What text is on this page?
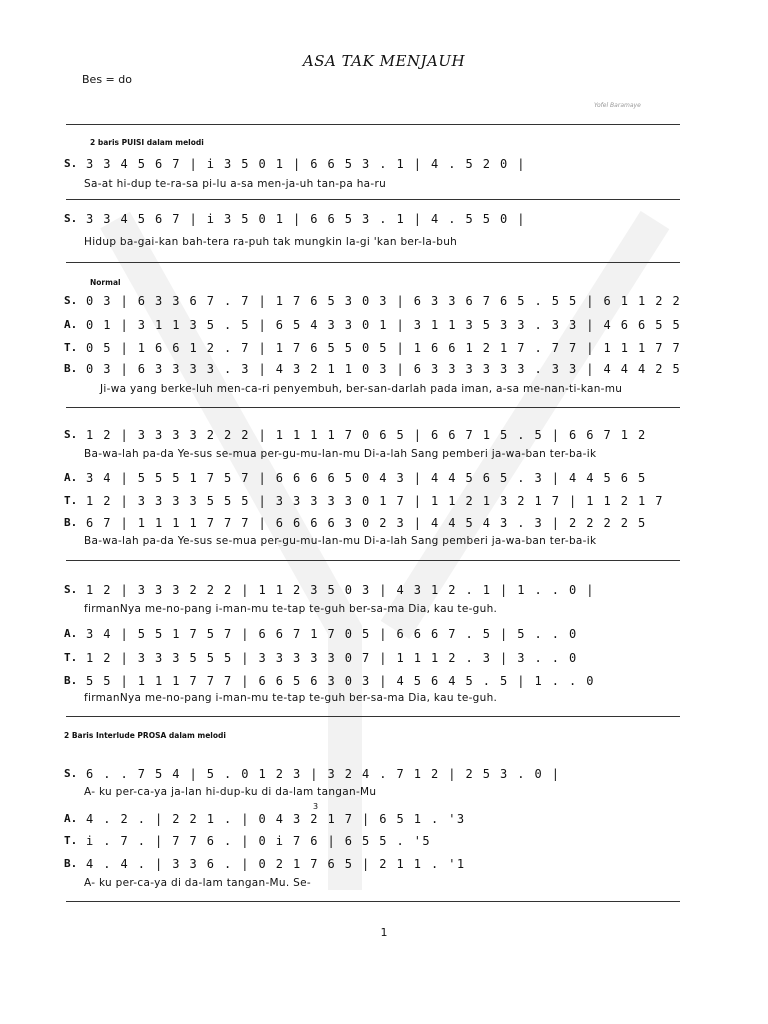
ASA TAK MENJAUH
Bes = do
Yofel Baramaye
2 baris PUISI dalam melodi
S. 3 3 4 5 6 7 | i 3 5 0 1 | 6 6 5 3 . 1 | 4 . 5 2 0 |
Sa-at hi-dup te-ra-sa pi-lu a-sa men-ja-uh tan-pa ha-ru
S. 3 3 4 5 6 7 | i 3 5 0 1 | 6 6 5 3 . 1 | 4 . 5 5 0 |
Hidup ba-gai-kan bah-tera ra-puh tak mungkin la-gi 'kan ber-la-buh
Normal
S. 0 3 | 6 3 3 6 7 . 7 | 1 7 6 5 3 0 3 | 6 3 3 6 7 6 5 . 5 5 | 6 1 1 2 2
A. 0 1 | 3 1 1 3 5 . 5 | 6 5 4 3 3 0 1 | 3 1 1 3 5 3 3 . 3 3 | 4 6 6 5 5
T. 0 5 | 1 6 6 1 2 . 7 | 1 7 6 5 5 0 5 | 1 6 6 1 2 1 7 . 7 7 | 1 1 1 7 7
B. 0 3 | 6 3 3 3 3 . 3 | 4 3 2 1 1 0 3 | 6 3 3 3 3 3 3 . 3 3 | 4 4 4 2 5
Ji-wa yang berke-luh men-ca-ri penyembuh, ber-san-darlah pada iman, a-sa me-nan-ti-kan-mu
S. 1 2 | 3 3 3 3 2 2 2 | 1 1 1 1 7 0 6 5 | 6 6 7 1 5 . 5 | 6 6 7 1 2
Ba-wa-lah pa-da Ye-sus se-mua per-gu-mu-lan-mu Di-a-lah Sang pemberi ja-wa-ban ter-ba-ik
A. 3 4 | 5 5 5 1 7 5 7 | 6 6 6 6 5 0 4 3 | 4 4 5 6 5 . 3 | 4 4 5 6 5
T. 1 2 | 3 3 3 3 5 5 5 | 3 3 3 3 3 0 1 7 | 1 1 2 1 3 2 1 7 | 1 1 2 1 7
B. 6 7 | 1 1 1 1 7 7 7 | 6 6 6 6 3 0 2 3 | 4 4 5 4 3 . 3 | 2 2 2 2 5
Ba-wa-lah pa-da Ye-sus se-mua per-gu-mu-lan-mu Di-a-lah Sang pemberi ja-wa-ban ter-ba-ik
S. 1 2 | 3 3 3 2 2 2 | 1 1 2 3 5 0 3 | 4 3 1 2 . 1 | 1 . . 0 |
firmanNya me-no-pang i-man-mu te-tap te-guh ber-sa-ma Dia, kau te-guh.
A. 3 4 | 5 5 1 7 5 7 | 6 6 7 1 7 0 5 | 6 6 6 7 . 5 | 5 . . 0
T. 1 2 | 3 3 3 5 5 5 | 3 3 3 3 3 0 7 | 1 1 1 2 . 3 | 3 . . 0
B. 5 5 | 1 1 1 7 7 7 | 6 6 5 6 3 0 3 | 4 5 6 4 5 . 5 | 1 . . 0
firmanNya me-no-pang i-man-mu te-tap te-guh ber-sa-ma Dia, kau te-guh.
2 Baris Interlude PROSA dalam melodi
S. 6 . . 7 5 4 | 5 . 0 1 2 3 | 3 2 4 . 7 1 2 | 2 5 3 . 0 |
A- ku per-ca-ya ja-lan hi-dup-ku di da-lam tangan-Mu
3
A. 4 . 2 . | 2 2 1 . | 0 4 3 2 1 7 | 6 5 1 . '3
T. i . 7 . | 7 7 6 . | 0 i 7 6 | 6 5 5 . '5
B. 4 . 4 . | 3 3 6 . | 0 2 1 7 6 5 | 2 1 1 . '1
A- ku per-ca-ya di da-lam tangan-Mu. Se-
1
